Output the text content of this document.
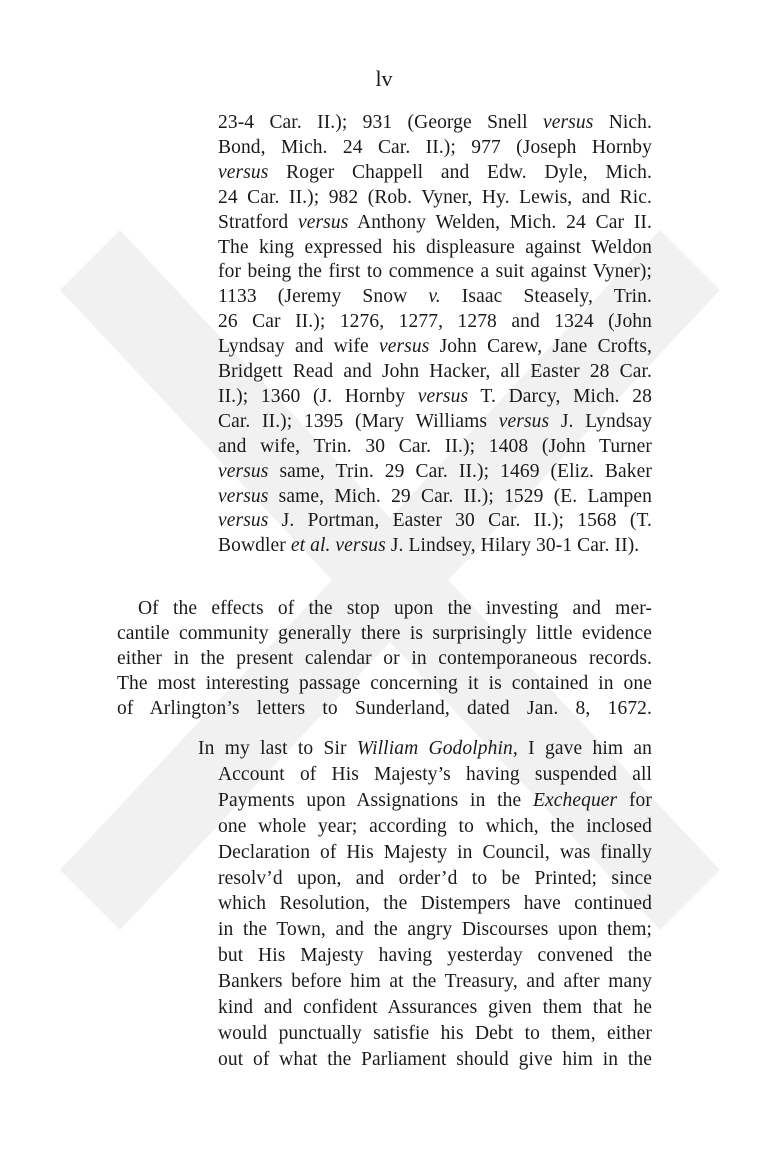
lv
23-4 Car. II.); 931 (George Snell versus Nich.
Bond, Mich. 24 Car. II.); 977 (Joseph Hornby
versus Roger Chappell and Edw. Dyle, Mich.
24 Car. II.); 982 (Rob. Vyner, Hy. Lewis, and Ric.
Stratford versus Anthony Welden, Mich. 24 Car II.
The king expressed his displeasure against Weldon
for being the first to commence a suit against Vyner);
1133 (Jeremy Snow v. Isaac Steasely, Trin.
26 Car II.); 1276, 1277, 1278 and 1324 (John
Lyndsay and wife versus John Carew, Jane Crofts,
Bridgett Read and John Hacker, all Easter 28 Car.
II.); 1360 (J. Hornby versus T. Darcy, Mich. 28
Car. II.); 1395 (Mary Williams versus J. Lyndsay
and wife, Trin. 30 Car. II.); 1408 (John Turner
versus same, Trin. 29 Car. II.); 1469 (Eliz. Baker
versus same, Mich. 29 Car. II.); 1529 (E. Lampen
versus J. Portman, Easter 30 Car. II.); 1568 (T.
Bowdler et al. versus J. Lindsey, Hilary 30-1 Car. II).
Of the effects of the stop upon the investing and mer-
cantile community generally there is surprisingly little evidence
either in the present calendar or in contemporaneous records.
The most interesting passage concerning it is contained in one
of Arlington’s letters to Sunderland, dated Jan. 8, 1672.
In my last to Sir William Godolphin, I gave him an
Account of His Majesty’s having suspended all
Payments upon Assignations in the Exchequer for
one whole year; according to which, the inclosed
Declaration of His Majesty in Council, was finally
resolv’d upon, and order’d to be Printed; since
which Resolution, the Distempers have continued
in the Town, and the angry Discourses upon them;
but His Majesty having yesterday convened the
Bankers before him at the Treasury, and after many
kind and confident Assurances given them that he
would punctually satisfie his Debt to them, either
out of what the Parliament should give him in the
